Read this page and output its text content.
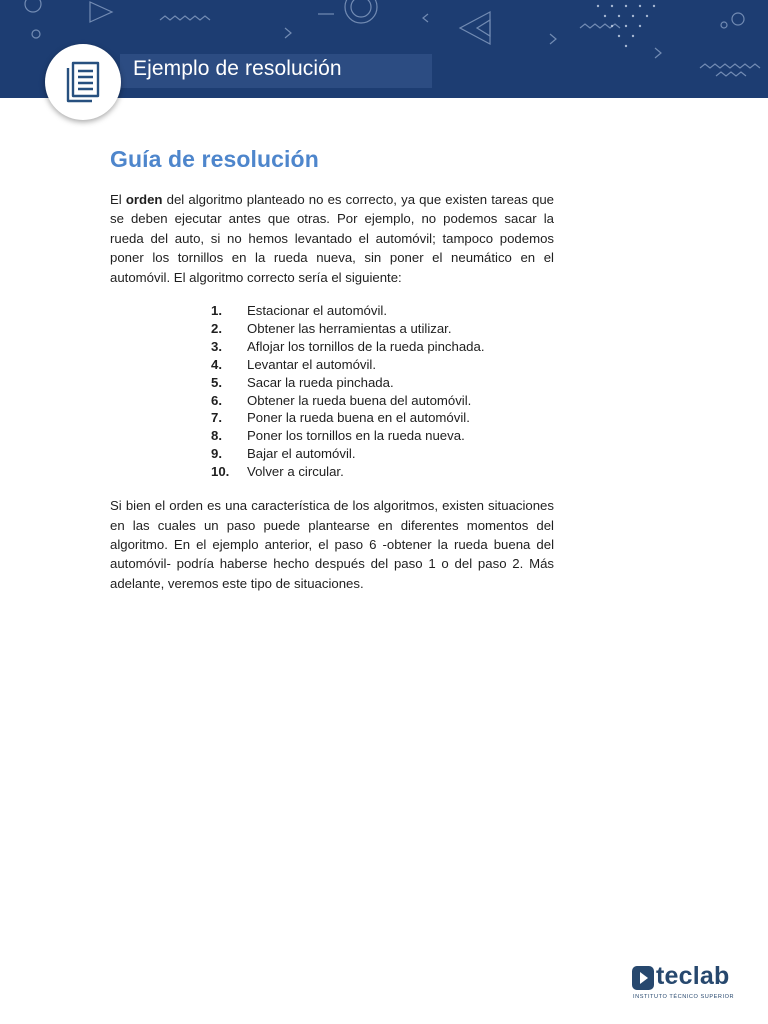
Ejemplo de resolución
Guía de resolución

El orden del algoritmo planteado no es correcto, ya que existen tareas que se deben ejecutar antes que otras. Por ejemplo, no podemos sacar la rueda del auto, si no hemos levantado el automóvil; tampoco podemos poner los tornillos en la rueda nueva, sin poner el neumático en el automóvil. El algoritmo correcto sería el siguiente:

1.	Estacionar el automóvil.
2.	Obtener las herramientas a utilizar.
3.	Aflojar los tornillos de la rueda pinchada.
4.	Levantar el automóvil.
5.	Sacar la rueda pinchada.
6.	Obtener la rueda buena del automóvil.
7.	Poner la rueda buena en el automóvil.
8.	Poner los tornillos en la rueda nueva.
9.	Bajar el automóvil.
10.	Volver a circular.

Si bien el orden es una característica de los algoritmos, existen situaciones en las cuales un paso puede plantearse en diferentes momentos del algoritmo. En el ejemplo anterior, el paso 6 -obtener la rueda buena del automóvil- podría haberse hecho después del paso 1 o del paso 2. Más adelante, veremos este tipo de situaciones.

teclab
INSTITUTO TÉCNICO SUPERIOR
